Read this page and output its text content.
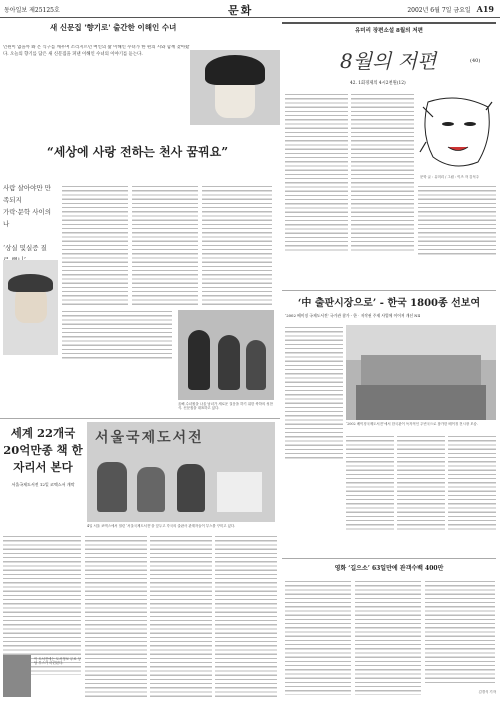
동아일보 제25125호	문화	2002년 6월 7일 금요일 A19
새 신문집 '향기로' 출간한 이해인 수녀
인원이 없을까 봐 온 식구를 깨우며 소리지르던 여인의 삶 이해인 수녀가 한 편의 시와 함께 찾아왔다. 오늘의 향기를 담은 새 신문집을 펴낸 이해인 수녀의 이야기를 듣는다.
“세상에 사랑 전하는 천사 꿈꿔요”
사람 살아야만 만족되지
가락·문학 사이의 나
‘상실 및실증 질
올해 수녀원을 나올 남녀가 새로운 걸음을 하기 위한 축하의 성찬식. 신문집을 대표하고 있다.
세계 22개국 20억만종 책 한자리서 본다
서울국제도서전 12일 코엑스서 개막
서울국제도서전
4일 서울 코엑스에서 열린 ‘서울국제도서전’을 앞두고 각국의 출판사 관계자들이 부스를 꾸미고 있다.
이 도서전에는 도서정보 무료 상담 부스가 마련된다.
유미리 장편소설 8월의 저편
8월의 저편	(40)
42. 1회경제의 4시2천원(12)
문학 글 : 유미리 / 그림 : 이즈 자 김석주
‘中 출판시장으로’ - 한국 1800종 선보여
‘2002 베이징 국제도서전’ 국가관 참가 - 한 · 저작권 주제 사업에 이어져 개선 N4
‘2002 베이징국제도서전’에서 한국관이 독자적인 주빈국으로 참가한 베이징 전시장 모습.
영화 ‘길으소’ 63일만에 관객수백 400만
김경식 기자
